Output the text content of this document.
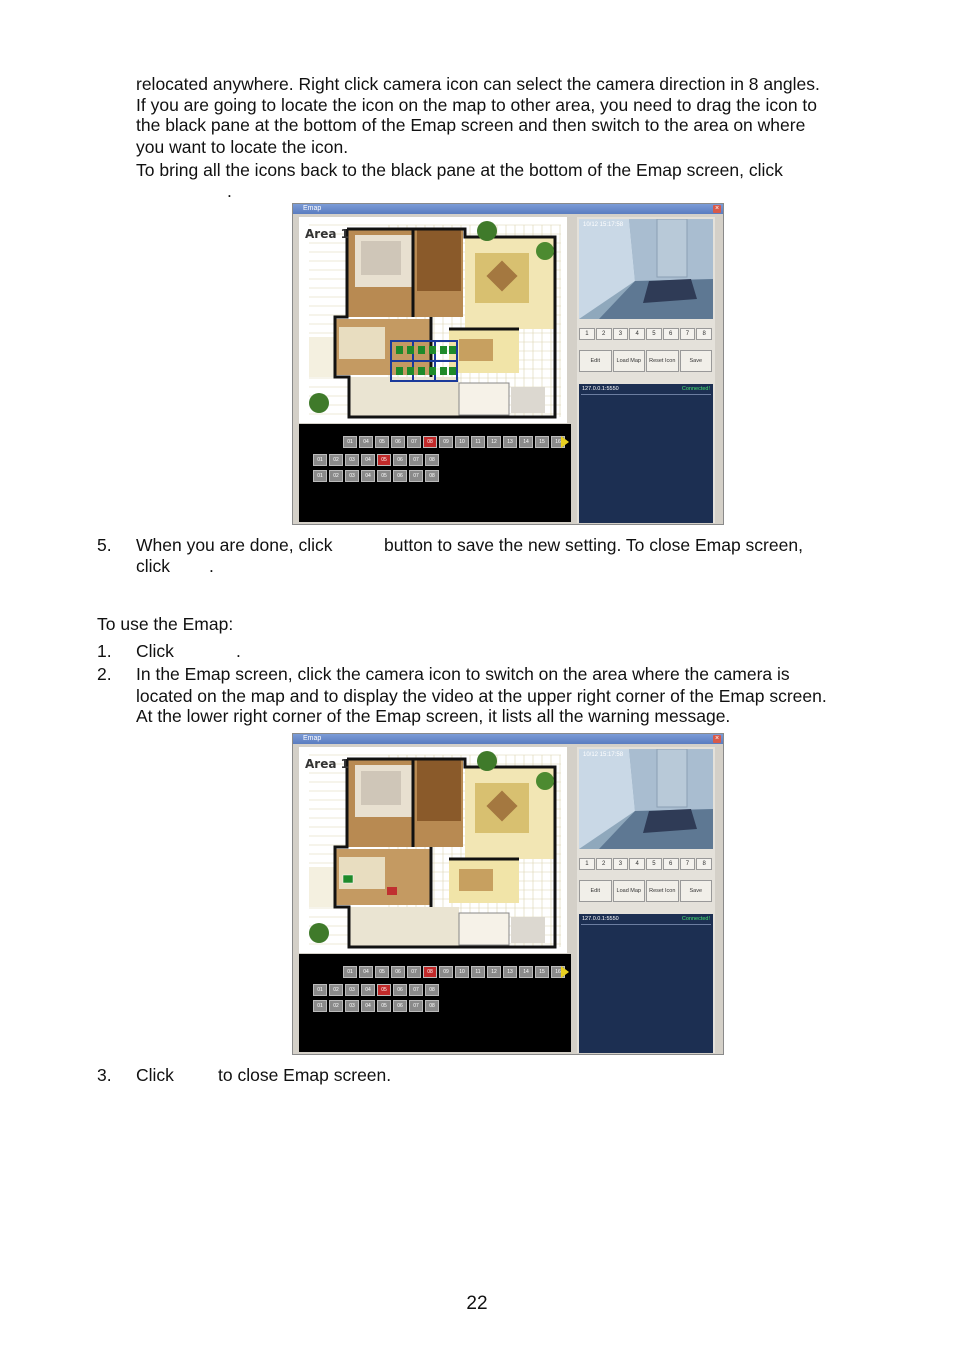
relocated anywhere. Right click camera icon can select the camera direction in 8 angles.
If you are going to locate the icon on the map to other area, you need to drag the icon to
the black pane at the bottom of the Emap screen and then switch to the area on where
you want to locate the icon.
To bring all the icons back to the black pane at the bottom of the Emap screen, click
.
Emap	×
Area 1
01	04	05	06	07	08	09	10	11	12	13	14	15	16
01	02	03	04	05	06	07	08
01	02	03	04	05	06	07	08
10/12 15:17:58
1	2	3	4	5	6	7	8
Edit	Load Map	Reset Icon	Save
127.0.0.1:5550	Connected!
5. When you are done, click	button to save the new setting. To close Emap screen,
click .
To use the Emap:
1. Click	.
2. In the Emap screen, click the camera icon to switch on the area where the camera is
located on the map and to display the video at the upper right corner of the Emap screen.
At the lower right corner of the Emap screen, it lists all the warning message.
Emap	×
Area 1
01	04	05	06	07	08	09	10	11	12	13	14	15	16
01	02	03	04	05	06	07	08
01	02	03	04	05	06	07	08
10/12 15:17:58
1	2	3	4	5	6	7	8
Edit	Load Map	Reset Icon	Save
127.0.0.1:5550	Connected!
3. Click	to close Emap screen.
22
